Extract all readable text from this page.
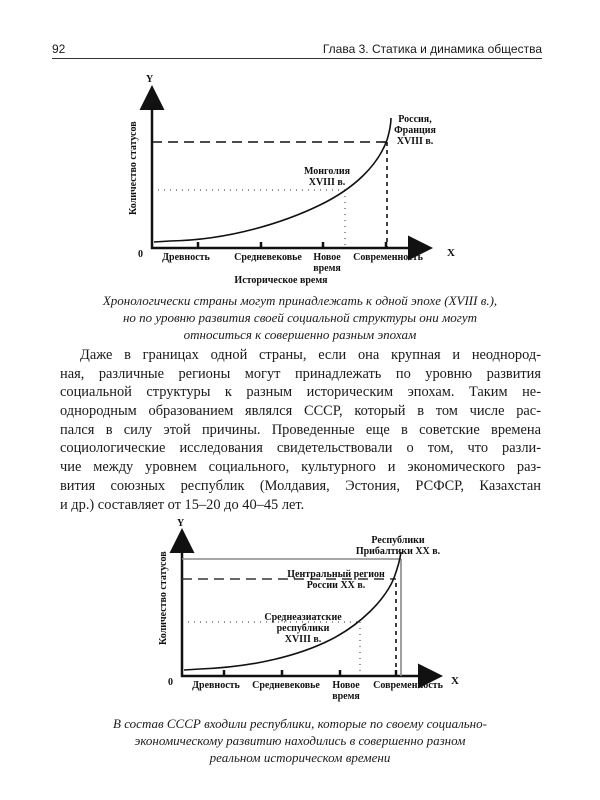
92	Глава 3. Статика и динамика общества
Y
X
0
Количество статусов
Древность Средневековье Новое
время
Современность
Историческое время
Россия,
Франция
XVIII в.
Монголия
XVIII в.
Y
X
0
Количество статусов
Древность Средневековье Новое
время
Современность
Республики
Прибалтики XX в.
Центральный регион
России XX в.
Среднеазиатские
республики
XVIII в.
Хронологически страны могут принадлежать к одной эпохе (XVIII в.),
но по уровню развития своей социальной структуры они могут
относиться к совершенно разным эпохам
Даже в границах одной страны, если она крупная и неоднород-
ная, различные регионы могут принадлежать по уровню развития
социальной структуры к разным историческим эпохам. Таким не-
однородным образованием являлся СССР, который в том числе рас-
пался в силу этой причины. Проведенные еще в советские времена
социологические исследования свидетельствовали о том, что разли-
чие между уровнем социального, культурного и экономического раз-
вития союзных республик (Молдавия, Эстония, РСФСР, Казахстан
и др.) составляет от 15–20 до 40–45 лет.
В состав СССР входили республики, которые по своему социально-
экономическому развитию находились в совершенно разном
реальном историческом времени
